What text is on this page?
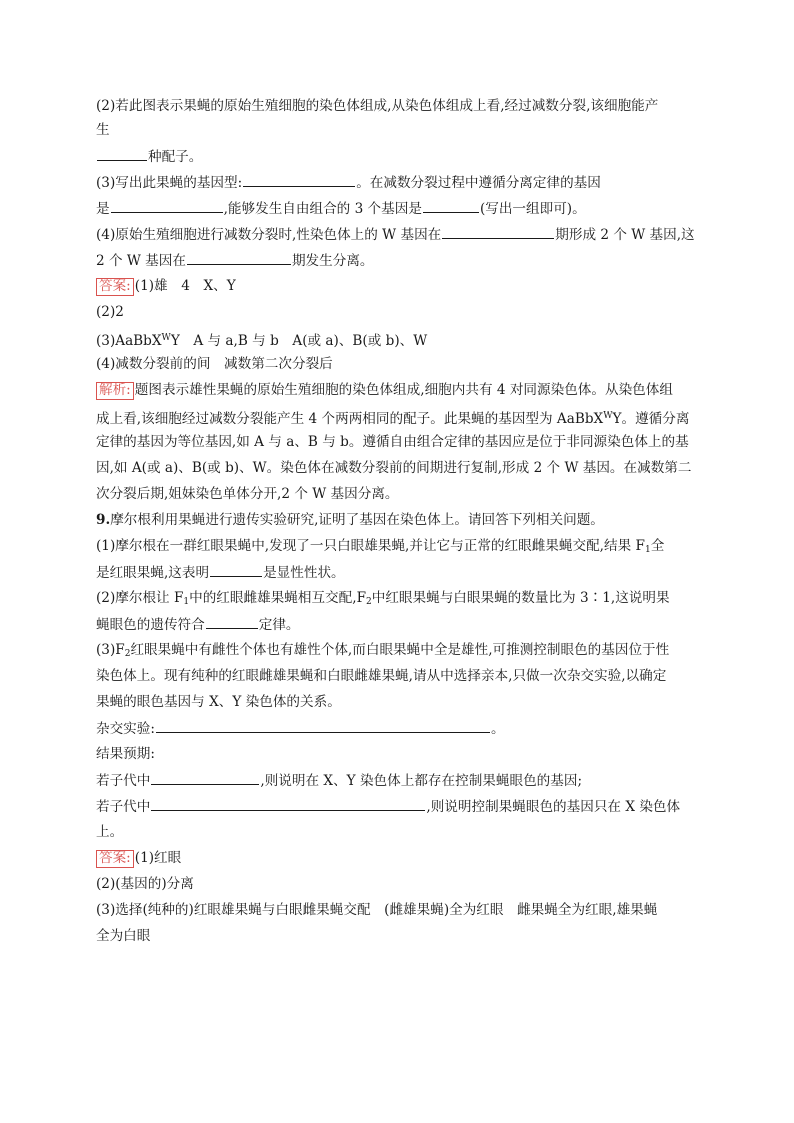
(2)若此图表示果蝇的原始生殖细胞的染色体组成,从染色体组成上看,经过减数分裂,该细胞能产
生
种配子。
(3)写出此果蝇的基因型:	。在减数分裂过程中遵循分离定律的基因
是	,能够发生自由组合的 3 个基因是	(写出一组即可)。
(4)原始生殖细胞进行减数分裂时,性染色体上的 W 基因在	期形成 2 个 W 基因,这
2 个 W 基因在	期发生分离。
答案: (1)雄　4　X、Y
(2)2
(3)AaBbX$^W$Y　A 与 a,B 与 b　A(或 a)、B(或 b)、W
(4)减数分裂前的间　减数第二次分裂后
解析: 题图表示雄性果蝇的原始生殖细胞的染色体组成,细胞内共有 4 对同源染色体。从染色体组
成上看,该细胞经过减数分裂能产生 4 个两两相同的配子。此果蝇的基因型为 AaBbX$^W$Y。遵循分离
定律的基因为等位基因,如 A 与 a、B 与 b。遵循自由组合定律的基因应是位于非同源染色体上的基
因,如 A(或 a)、B(或 b)、W。染色体在减数分裂前的间期进行复制,形成 2 个 W 基因。在减数第二
次分裂后期,姐妹染色单体分开,2 个 W 基因分离。
9.摩尔根利用果蝇进行遗传实验研究,证明了基因在染色体上。请回答下列相关问题。
(1)摩尔根在一群红眼果蝇中,发现了一只白眼雄果蝇,并让它与正常的红眼雌果蝇交配,结果 $F_1$全
是红眼果蝇,这表明	是显性性状。
(2)摩尔根让 $F_1$中的红眼雌雄果蝇相互交配$,F_2$中红眼果蝇与白眼果蝇的数量比为 3∶1,这说明果
蝇眼色的遗传符合	定律。
$(3)F_2$红眼果蝇中有雌性个体也有雄性个体,而白眼果蝇中全是雄性,可推测控制眼色的基因位于性
染色体上。现有纯种的红眼雌雄果蝇和白眼雌雄果蝇,请从中选择亲本,只做一次杂交实验,以确定
果蝇的眼色基因与 X、Y 染色体的关系。
杂交实验:	。
结果预期:
若子代中	,则说明在 X、Y 染色体上都存在控制果蝇眼色的基因;
若子代中	,则说明控制果蝇眼色的基因只在 X 染色体
上。
答案: (1)红眼
(2)(基因的)分离
(3)选择(纯种的)红眼雄果蝇与白眼雌果蝇交配　(雌雄果蝇)全为红眼　雌果蝇全为红眼,雄果蝇
全为白眼
